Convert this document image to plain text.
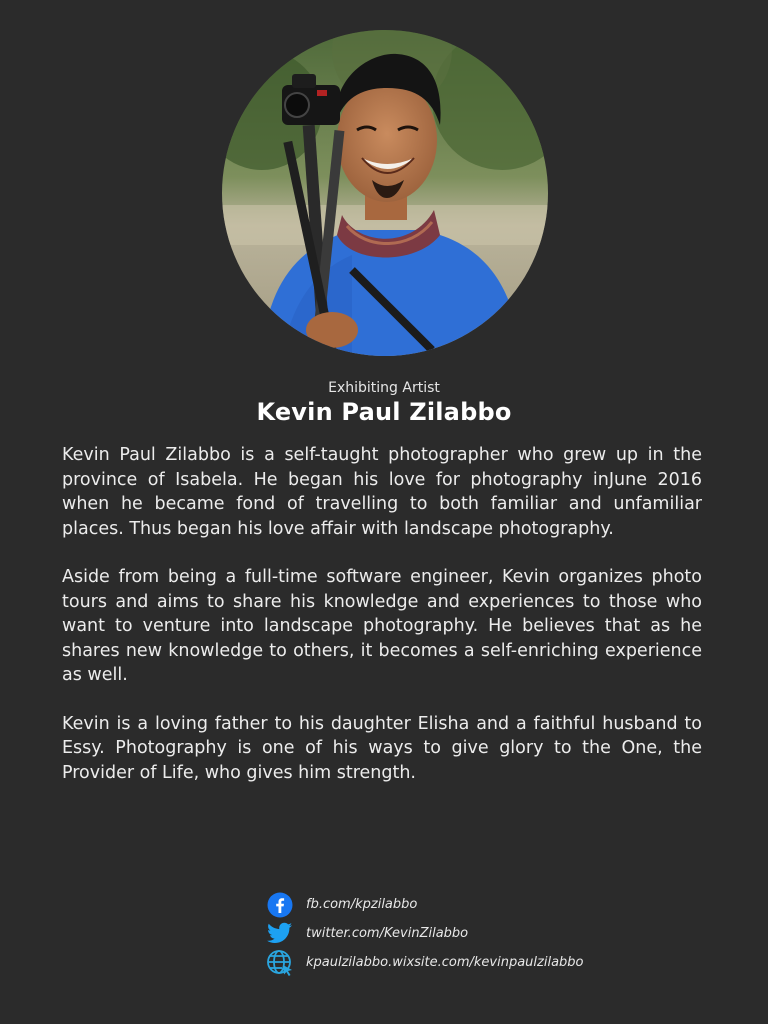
Exhibiting Artist
Kevin Paul Zilabbo

Kevin Paul Zilabbo is a self-taught photographer who grew up in the province of Isabela. He began his love for photography inJune 2016 when he became fond of travelling to both familiar and unfamiliar places. Thus began his love affair with landscape photography.

Aside from being a full-time software engineer, Kevin organizes photo tours and aims to share his knowledge and experiences to those who want to venture into landscape photography. He believes that as he shares new knowledge to others, it becomes a self-enriching experience as well.

Kevin is a loving father to his daughter Elisha and a faithful husband to Essy. Photography is one of his ways to give glory to the One, the Provider of Life, who gives him strength.

fb.com/kpzilabbo
twitter.com/KevinZilabbo
kpaulzilabbo.wixsite.com/kevinpaulzilabbo
